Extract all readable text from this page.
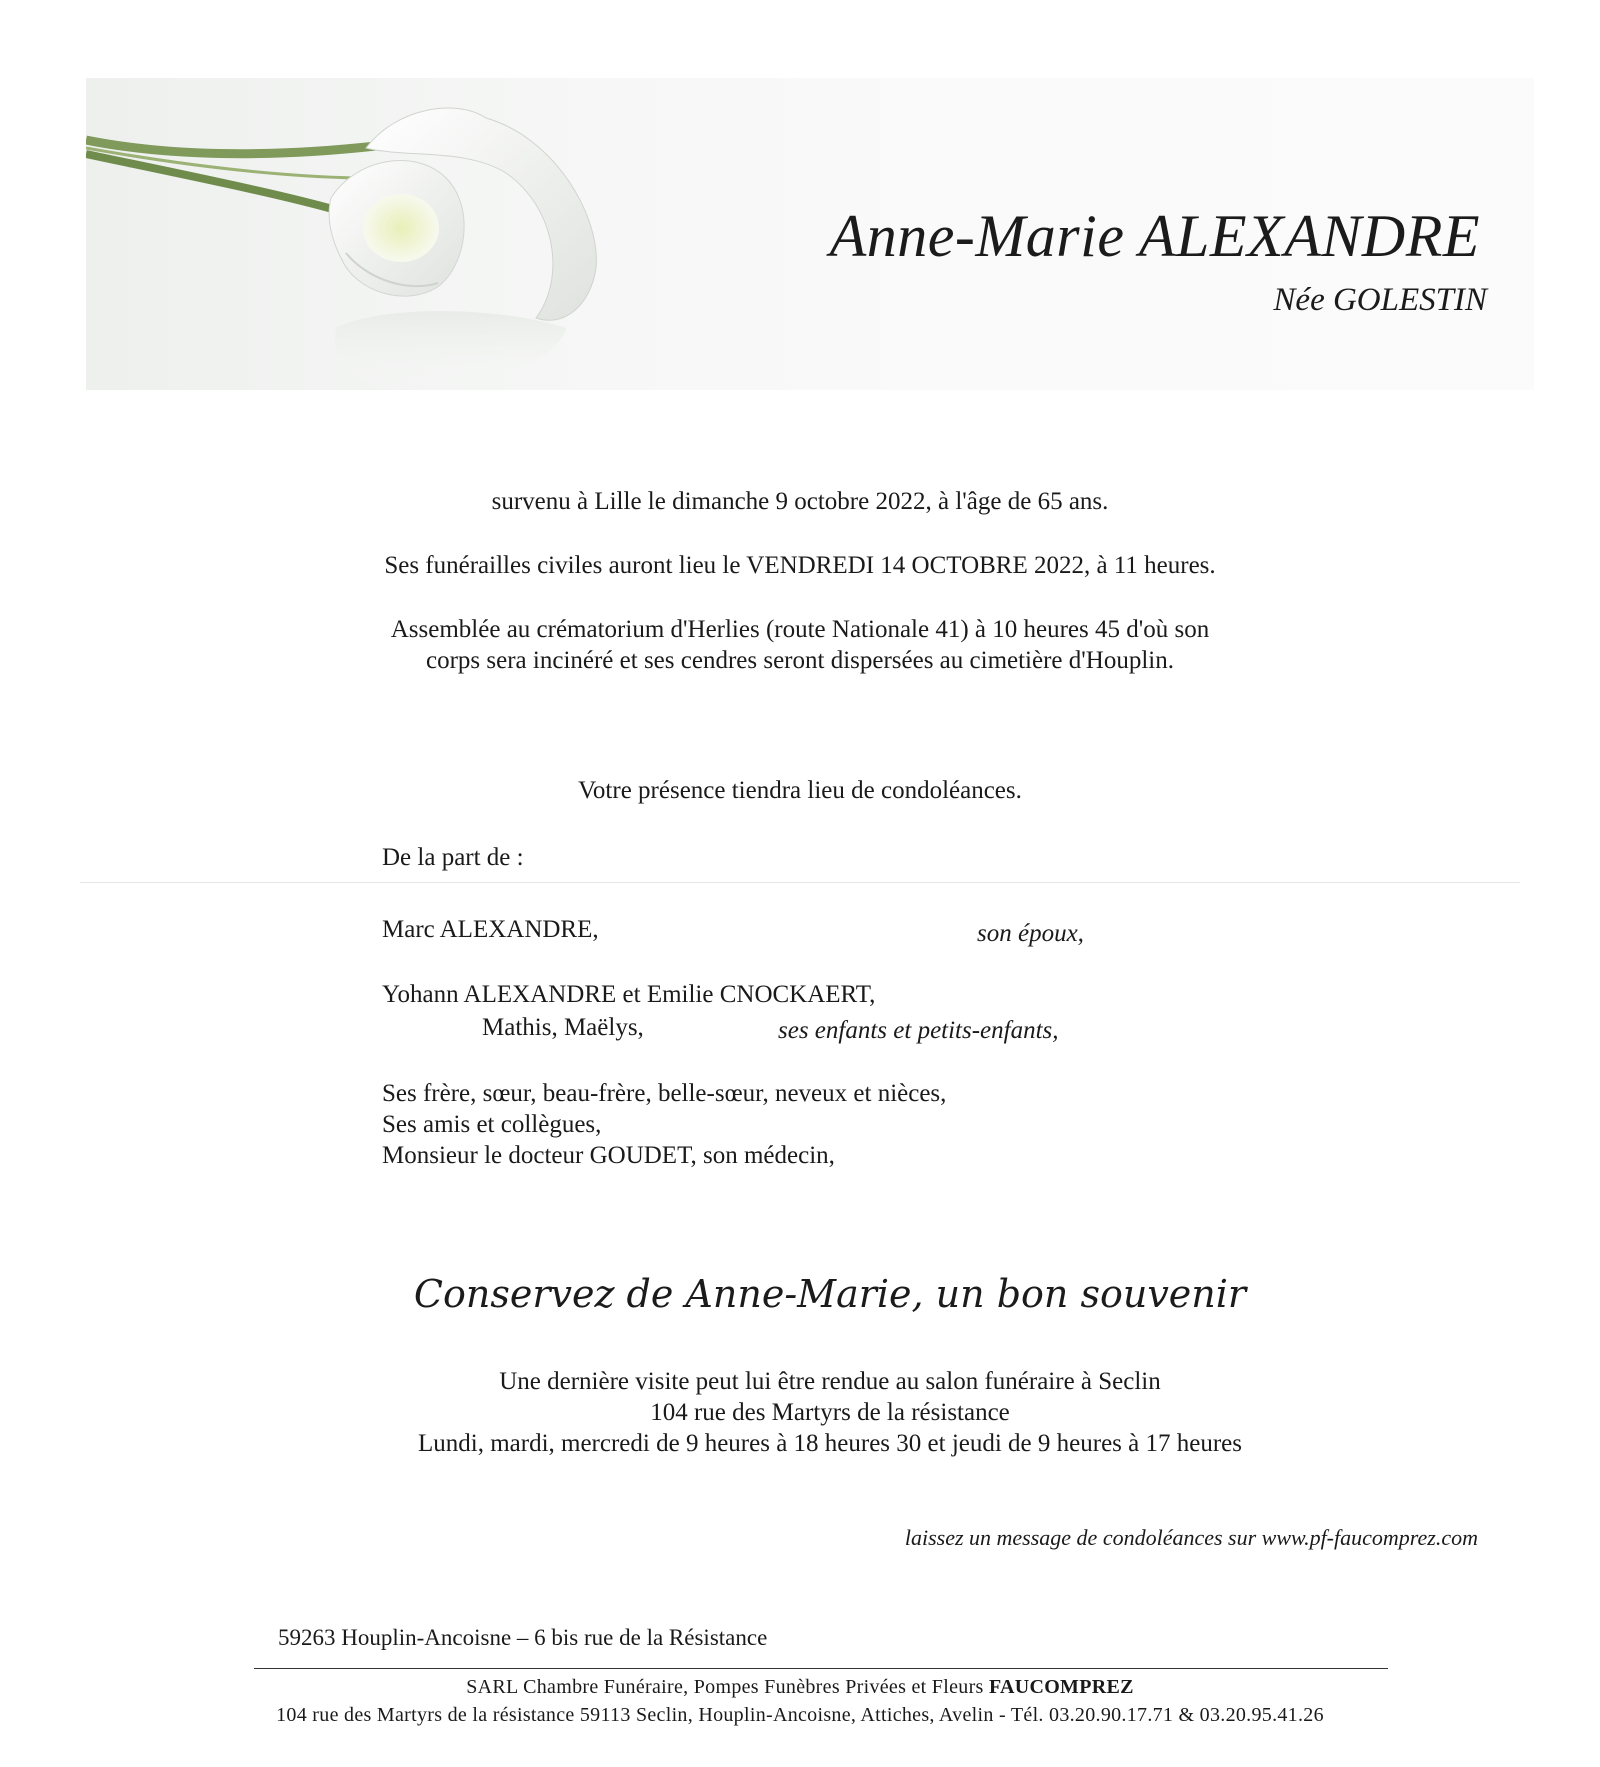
Anne-Marie ALEXANDRE
Née GOLESTIN
survenu à Lille le dimanche 9 octobre 2022, à l'âge de 65 ans.
Ses funérailles civiles auront lieu le VENDREDI 14 OCTOBRE 2022, à 11 heures.
Assemblée au crématorium d'Herlies (route Nationale 41) à 10 heures 45 d'où son
corps sera incinéré et ses cendres seront dispersées au cimetière d'Houplin.
Votre présence tiendra lieu de condoléances.
De la part de :
Marc ALEXANDRE,	son époux,
Yohann ALEXANDRE et Emilie CNOCKAERT,
Mathis, Maëlys,	ses enfants et petits-enfants,
Ses frère, sœur, beau-frère, belle-sœur, neveux et nièces,
Ses amis et collègues,
Monsieur le docteur GOUDET, son médecin,
Conservez de Anne-Marie, un bon souvenir
Une dernière visite peut lui être rendue au salon funéraire à Seclin
104 rue des Martyrs de la résistance
Lundi, mardi, mercredi de 9 heures à 18 heures 30 et jeudi de 9 heures à 17 heures
laissez un message de condoléances sur www.pf-faucomprez.com
59263 Houplin-Ancoisne – 6 bis rue de la Résistance
SARL Chambre Funéraire, Pompes Funèbres Privées et Fleurs FAUCOMPREZ
104 rue des Martyrs de la résistance 59113 Seclin, Houplin-Ancoisne, Attiches, Avelin - Tél. 03.20.90.17.71 & 03.20.95.41.26
